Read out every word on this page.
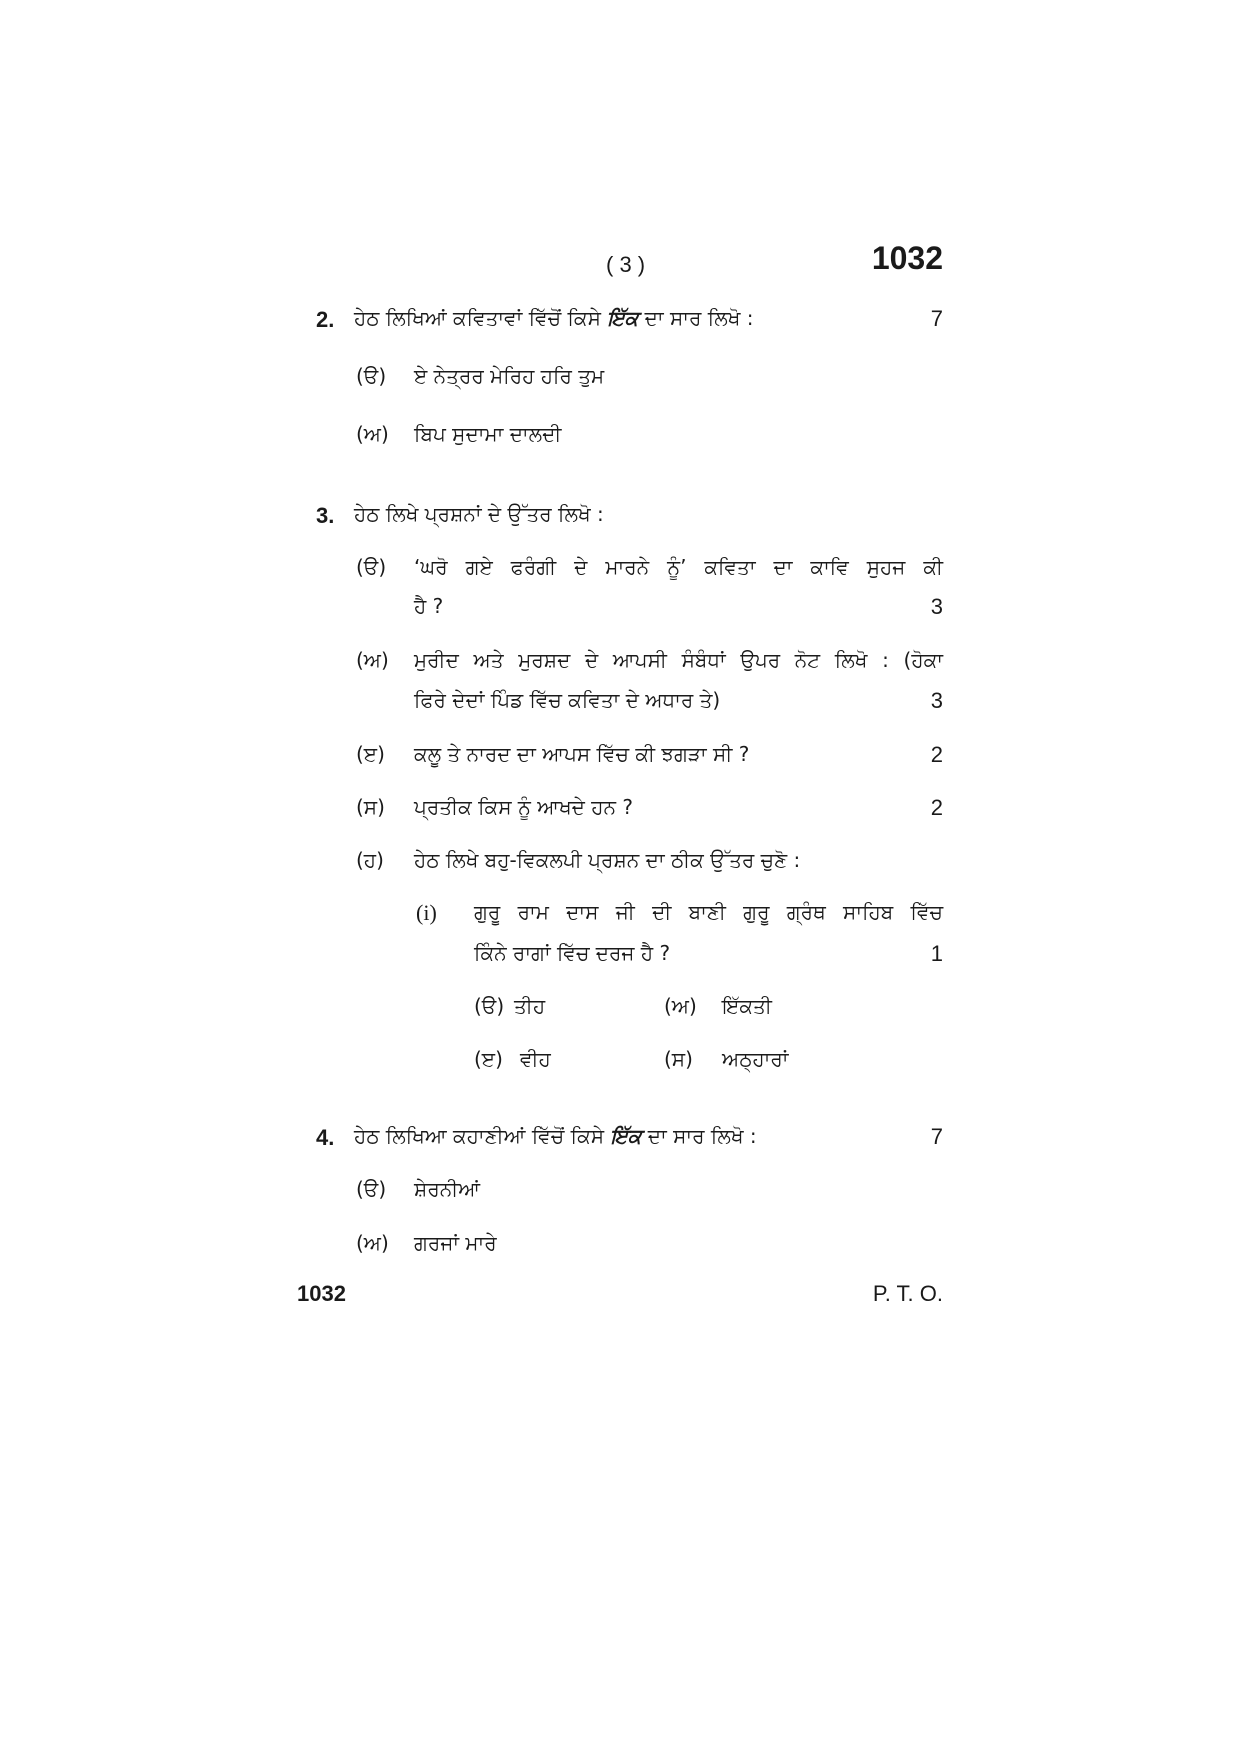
( 3 )	1032
2. ਹੇਠ ਲਿਖਿਆਂ ਕਵਿਤਾਵਾਂ ਵਿੱਚੋਂ ਕਿਸੇ ਇੱਕ ਦਾ ਸਾਰ ਲਿਖੋ :	7
(ੳ) ਏ ਨੇਤ੍ਰਰ ਮੇਰਿਹ ਹਰਿ ਤੁਮ
(ਅ) ਬਿਪ ਸੁਦਾਮਾ ਦਾਲਦੀ
3. ਹੇਠ ਲਿਖੇ ਪ੍ਰਸ਼ਨਾਂ ਦੇ ਉੱਤਰ ਲਿਖੋ :
(ੳ) ‘ਘਰੋ ਗਏ ਫਰੰਗੀ ਦੇ ਮਾਰਨੇ ਨੂੰ’ ਕਵਿਤਾ ਦਾ ਕਾਵਿ ਸੁਹਜ ਕੀ
ਹੈ ?	3
(ਅ) ਮੁਰੀਦ ਅਤੇ ਮੁਰਸ਼ਦ ਦੇ ਆਪਸੀ ਸੰਬੰਧਾਂ ਉਪਰ ਨੋਟ ਲਿਖੋ : (ਹੋਕਾ
ਫਿਰੇ ਦੇਦਾਂ ਪਿੰਡ ਵਿੱਚ ਕਵਿਤਾ ਦੇ ਅਧਾਰ ਤੇ)	3
(ੲ) ਕਲੂ ਤੇ ਨਾਰਦ ਦਾ ਆਪਸ ਵਿੱਚ ਕੀ ਝਗੜਾ ਸੀ ?	2
(ਸ) ਪ੍ਰਤੀਕ ਕਿਸ ਨੂੰ ਆਖਦੇ ਹਨ ?	2
(ਹ) ਹੇਠ ਲਿਖੇ ਬਹੁ-ਵਿਕਲਪੀ ਪ੍ਰਸ਼ਨ ਦਾ ਠੀਕ ਉੱਤਰ ਚੁਣੋ :
(i) ਗੁਰੂ ਰਾਮ ਦਾਸ ਜੀ ਦੀ ਬਾਣੀ ਗੁਰੂ ਗ੍ਰੰਥ ਸਾਹਿਬ ਵਿੱਚ
ਕਿੰਨੇ ਰਾਗਾਂ ਵਿੱਚ ਦਰਜ ਹੈ ?	1
(ੳ) ਤੀਹ	(ਅ) ਇੱਕਤੀ
(ੲ) ਵੀਹ	(ਸ) ਅਠ੍ਹਾਰਾਂ
4. ਹੇਠ ਲਿਖਿਆ ਕਹਾਣੀਆਂ ਵਿੱਚੋਂ ਕਿਸੇ ਇੱਕ ਦਾ ਸਾਰ ਲਿਖੋ :	7
(ੳ) ਸ਼ੇਰਨੀਆਂ
(ਅ) ਗਰਜਾਂ ਮਾਰੇ
1032	P. T. O.
